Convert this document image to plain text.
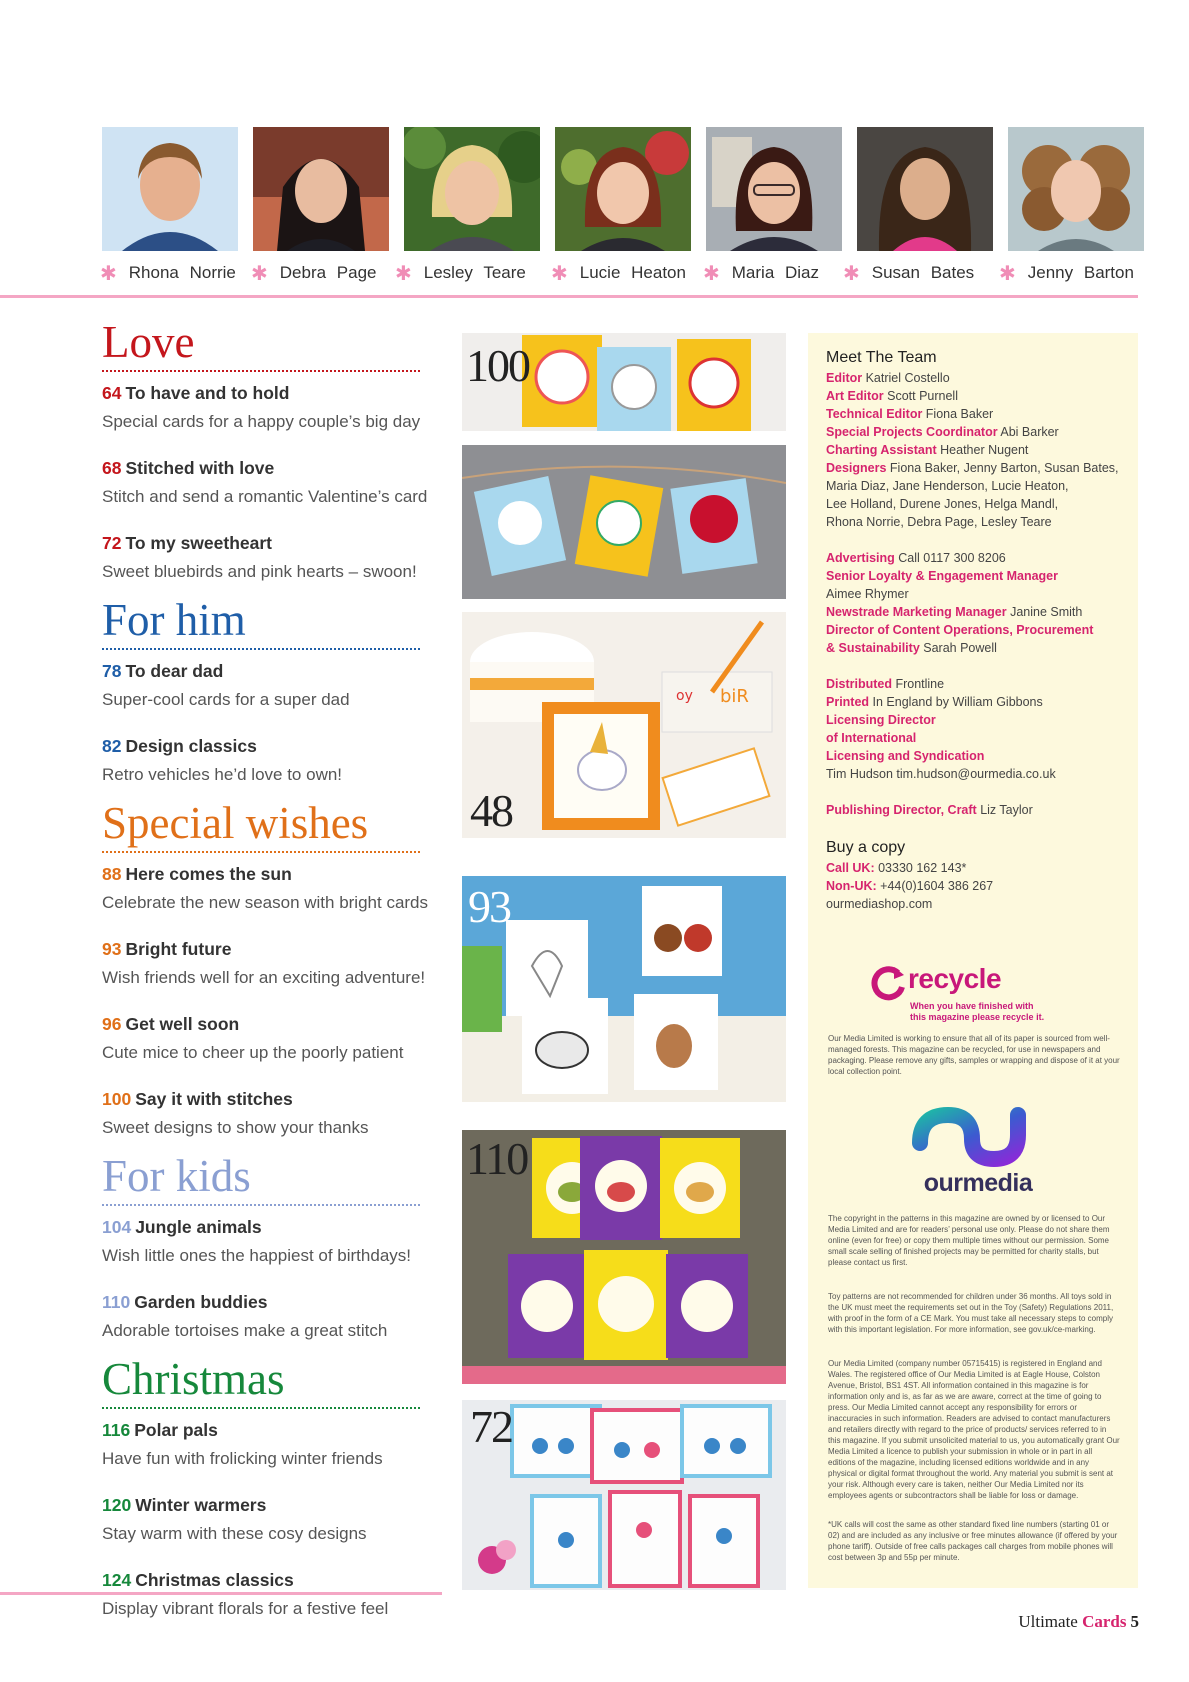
✱ Rhona Norrie ✱ Debra Page ✱ Lesley Teare ✱ Lucie Heaton ✱ Maria Diaz ✱ Susan Bates ✱ Jenny Barton
Love
64 To have and to hold
Special cards for a happy couple’s big day
68 Stitched with love
Stitch and send a romantic Valentine’s card
72 To my sweetheart
Sweet bluebirds and pink hearts – swoon!
For him
78 To dear dad
Super-cool cards for a super dad
82 Design classics
Retro vehicles he’d love to own!
Special wishes
88 Here comes the sun
Celebrate the new season with bright cards
93 Bright future
Wish friends well for an exciting adventure!
96 Get well soon
Cute mice to cheer up the poorly patient
100 Say it with stitches
Sweet designs to show your thanks
For kids
104 Jungle animals
Wish little ones the happiest of birthdays!
110 Garden buddies
Adorable tortoises make a great stitch
Christmas
116 Polar pals
Have fun with frolicking winter friends
120 Winter warmers
Stay warm with these cosy designs
124 Christmas classics
Display vibrant florals for a festive feel
100
oy biR
48
93
110
72
Meet The Team
Editor Katriel Costello
Art Editor Scott Purnell
Technical Editor Fiona Baker
Special Projects Coordinator Abi Barker
Charting Assistant Heather Nugent
Designers Fiona Baker, Jenny Barton, Susan Bates,
Maria Diaz, Jane Henderson, Lucie Heaton,
Lee Holland, Durene Jones, Helga Mandl,
Rhona Norrie, Debra Page, Lesley Teare
Advertising Call 0117 300 8206
Senior Loyalty & Engagement Manager
Aimee Rhymer
Newstrade Marketing Manager Janine Smith
Director of Content Operations, Procurement
& Sustainability Sarah Powell
Distributed Frontline
Printed In England by William Gibbons
Licensing Director
of International
Licensing and Syndication
Tim Hudson tim.hudson@ourmedia.co.uk
Publishing Director, Craft Liz Taylor
Buy a copy
Call UK: 03330 162 143*
Non-UK: +44(0)1604 386 267
ourmediashop.com
recycle
When you have finished with
this magazine please recycle it.
Our Media Limited is working to ensure that all of its paper is sourced from well-managed forests. This magazine can be recycled, for use in newspapers and packaging. Please remove any gifts, samples or wrapping and dispose of it at your local collection point.
ourmedia
The copyright in the patterns in this magazine are owned by or licensed to Our Media Limited and are for readers’ personal use only. Please do not share them online (even for free) or copy them multiple times without our permission. Some small scale selling of finished projects may be permitted for charity stalls, but please contact us first.
Toy patterns are not recommended for children under 36 months. All toys sold in the UK must meet the requirements set out in the Toy (Safety) Regulations 2011, with proof in the form of a CE Mark. You must take all necessary steps to comply with this important legislation. For more information, see gov.uk/ce-marking.
Our Media Limited (company number 05715415) is registered in England and Wales. The registered office of Our Media Limited is at Eagle House, Colston Avenue, Bristol, BS1 4ST. All information contained in this magazine is for information only and is, as far as we are aware, correct at the time of going to press. Our Media Limited cannot accept any responsibility for errors or inaccuracies in such information. Readers are advised to contact manufacturers and retailers directly with regard to the price of products/ services referred to in this magazine. If you submit unsolicited material to us, you automatically grant Our Media Limited a licence to publish your submission in whole or in part in all editions of the magazine, including licensed editions worldwide and in any physical or digital format throughout the world. Any material you submit is sent at your risk. Although every care is taken, neither Our Media Limited nor its employees agents or subcontractors shall be liable for loss or damage.
*UK calls will cost the same as other standard fixed line numbers (starting 01 or 02) and are included as any inclusive or free minutes allowance (if offered by your phone tariff). Outside of free calls packages call charges from mobile phones will cost between 3p and 55p per minute.
Ultimate Cards 5
